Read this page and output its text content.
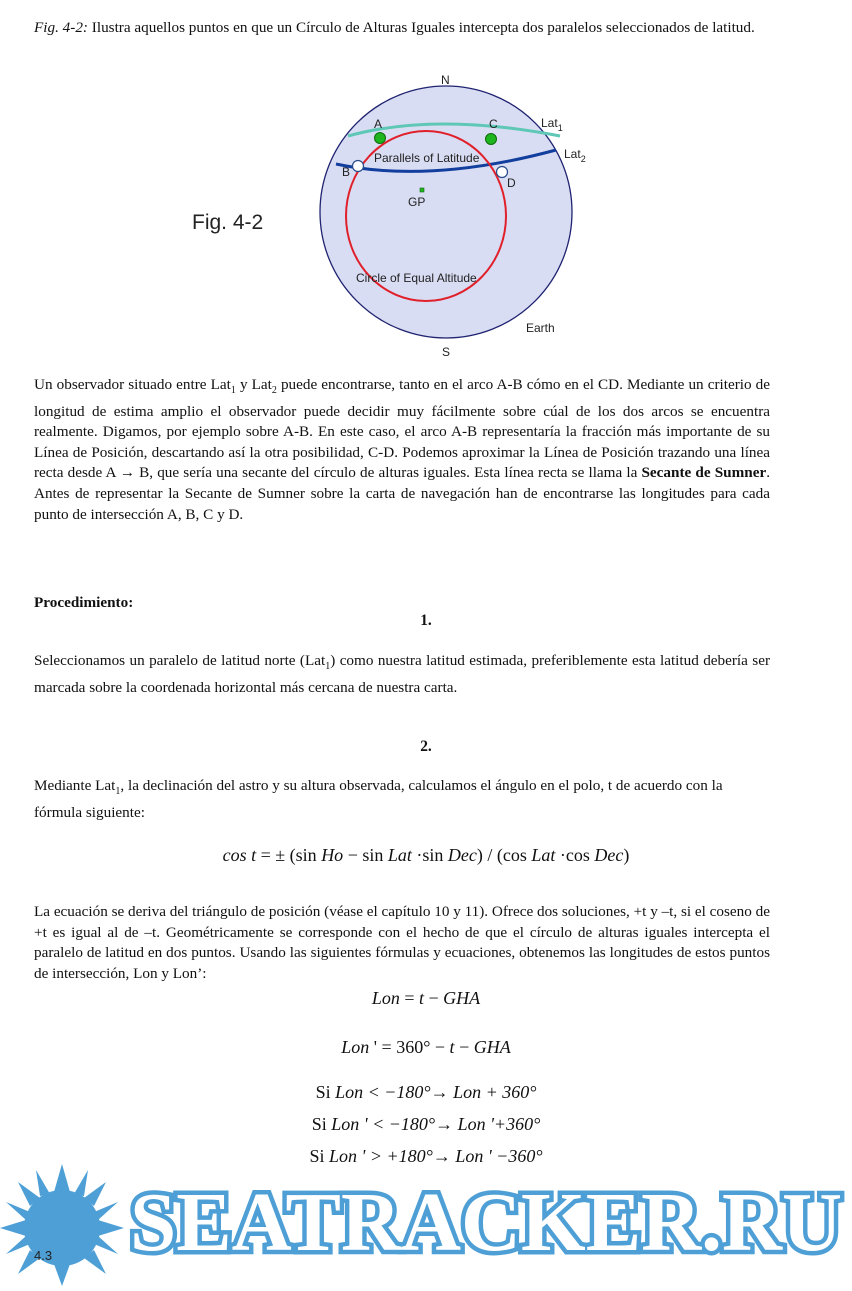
Fig. 4-2: Ilustra aquellos puntos en que un Círculo de Alturas Iguales intercepta dos paralelos seleccionados de latitud.

Fig. 4-2
N
S
A	C
B
D
Lat$_1$
Lat$_2$
Parallels of Latitude
GP
Circle of Equal Altitude
Earth

Un observador situado entre Lat$_1$ y Lat$_2$ puede encontrarse, tanto en el arco A-B cómo en el CD. Mediante un criterio de longitud de estima amplio el observador puede decidir muy fácilmente sobre cúal de los dos arcos se encuentra realmente. Digamos, por ejemplo sobre A-B. En este caso, el arco A-B representaría la fracción más importante de su Línea de Posición, descartando así la otra posibilidad, C-D. Podemos aproximar la Línea de Posición trazando una línea recta desde A → B, que sería una secante del círculo de alturas iguales. Esta línea recta se llama la Secante de Sumner. Antes de representar la Secante de Sumner sobre la carta de navegación han de encontrarse las longitudes para cada punto de intersección A, B, C y D.

Procedimiento:
1.

Seleccionamos un paralelo de latitud norte (Lat$_1$) como nuestra latitud estimada, preferiblemente esta latitud debería ser marcada sobre la coordenada horizontal más cercana de nuestra carta.

2.

Mediante Lat$_1$, la declinación del astro y su altura observada, calculamos el ángulo en el polo, t de acuerdo con la fórmula siguiente:

cos t = ± (sin Ho − sin Lat ·sin Dec) / (cos Lat ·cos Dec)

La ecuación se deriva del triángulo de posición (véase el capítulo 10 y 11). Ofrece dos soluciones, +t y –t, si el coseno de +t es igual al de –t. Geométricamente se corresponde con el hecho de que el círculo de alturas iguales intercepta el paralelo de latitud en dos puntos. Usando las siguientes fórmulas y ecuaciones, obtenemos las longitudes de estos puntos de intersección, Lon y Lon’:

Lon = t − GHA
Lon ' = 360° − t − GHA
Si Lon < −180°→ Lon + 360°
Si Lon ' < −180°→ Lon '+360°
Si Lon ' > +180°→ Lon ' −360°
SEATRACKER.RU
4.3
